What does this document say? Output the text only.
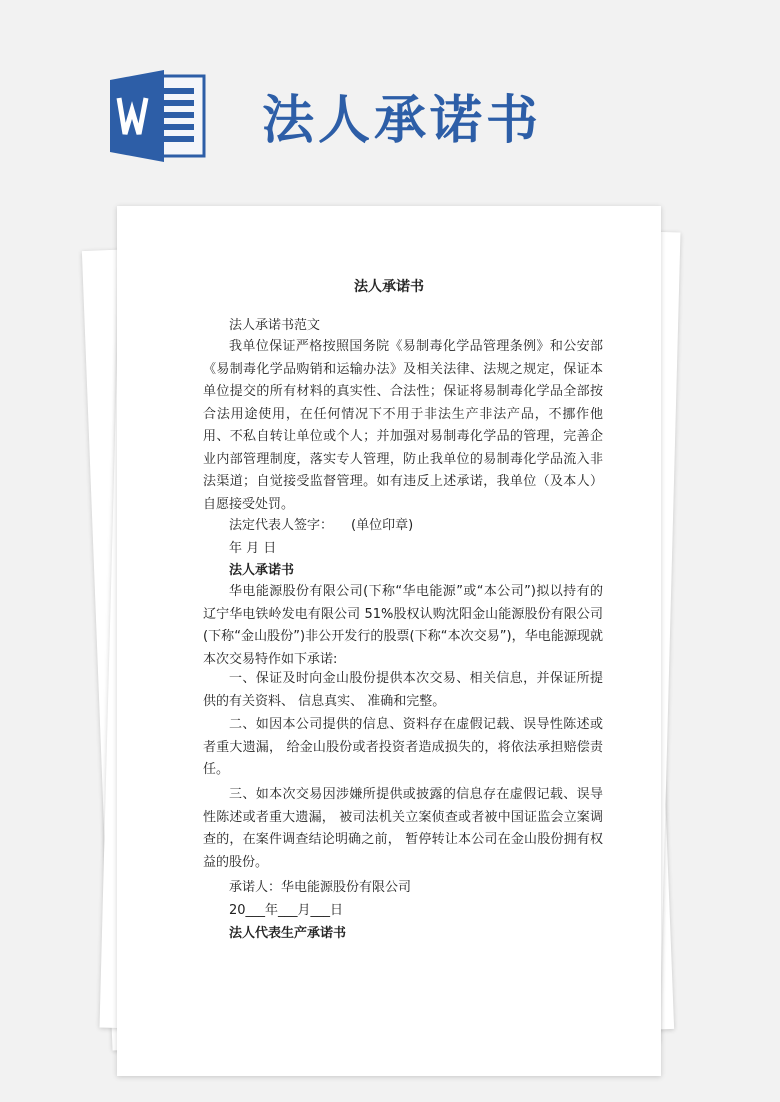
法人承诺书
法人承诺书
法人承诺书范文
我单位保证严格按照国务院《易制毒化学品管理条例》和公安部《易制毒化学品购销和运输办法》及相关法律、法规之规定，保证本单位提交的所有材料的真实性、合法性；保证将易制毒化学品全部按合法用途使用，在任何情况下不用于非法生产非法产品，不挪作他用、不私自转让单位或个人；并加强对易制毒化学品的管理，完善企业内部管理制度，落实专人管理，防止我单位的易制毒化学品流入非法渠道；自觉接受监督管理。如有违反上述承诺，我单位（及本人）自愿接受处罚。
法定代表人签字： (单位印章)
年 月 日
法人承诺书
华电能源股份有限公司(下称“华电能源”或“本公司”)拟以持有的辽宁华电铁岭发电有限公司 51%股权认购沈阳金山能源股份有限公司(下称“金山股份”)非公开发行的股票(下称“本次交易”)，华电能源现就本次交易特作如下承诺:
一、保证及时向金山股份提供本次交易、相关信息，并保证所提供的有关资料、 信息真实、 准确和完整。
二、如因本公司提供的信息、资料存在虚假记载、误导性陈述或者重大遗漏， 给金山股份或者投资者造成损失的，将依法承担赔偿责任。
三、如本次交易因涉嫌所提供或披露的信息存在虚假记载、误导性陈述或者重大遗漏， 被司法机关立案侦查或者被中国证监会立案调查的，在案件调查结论明确之前， 暂停转让本公司在金山股份拥有权益的股份。
承诺人：华电能源股份有限公司
20___年___月___日
法人代表生产承诺书
